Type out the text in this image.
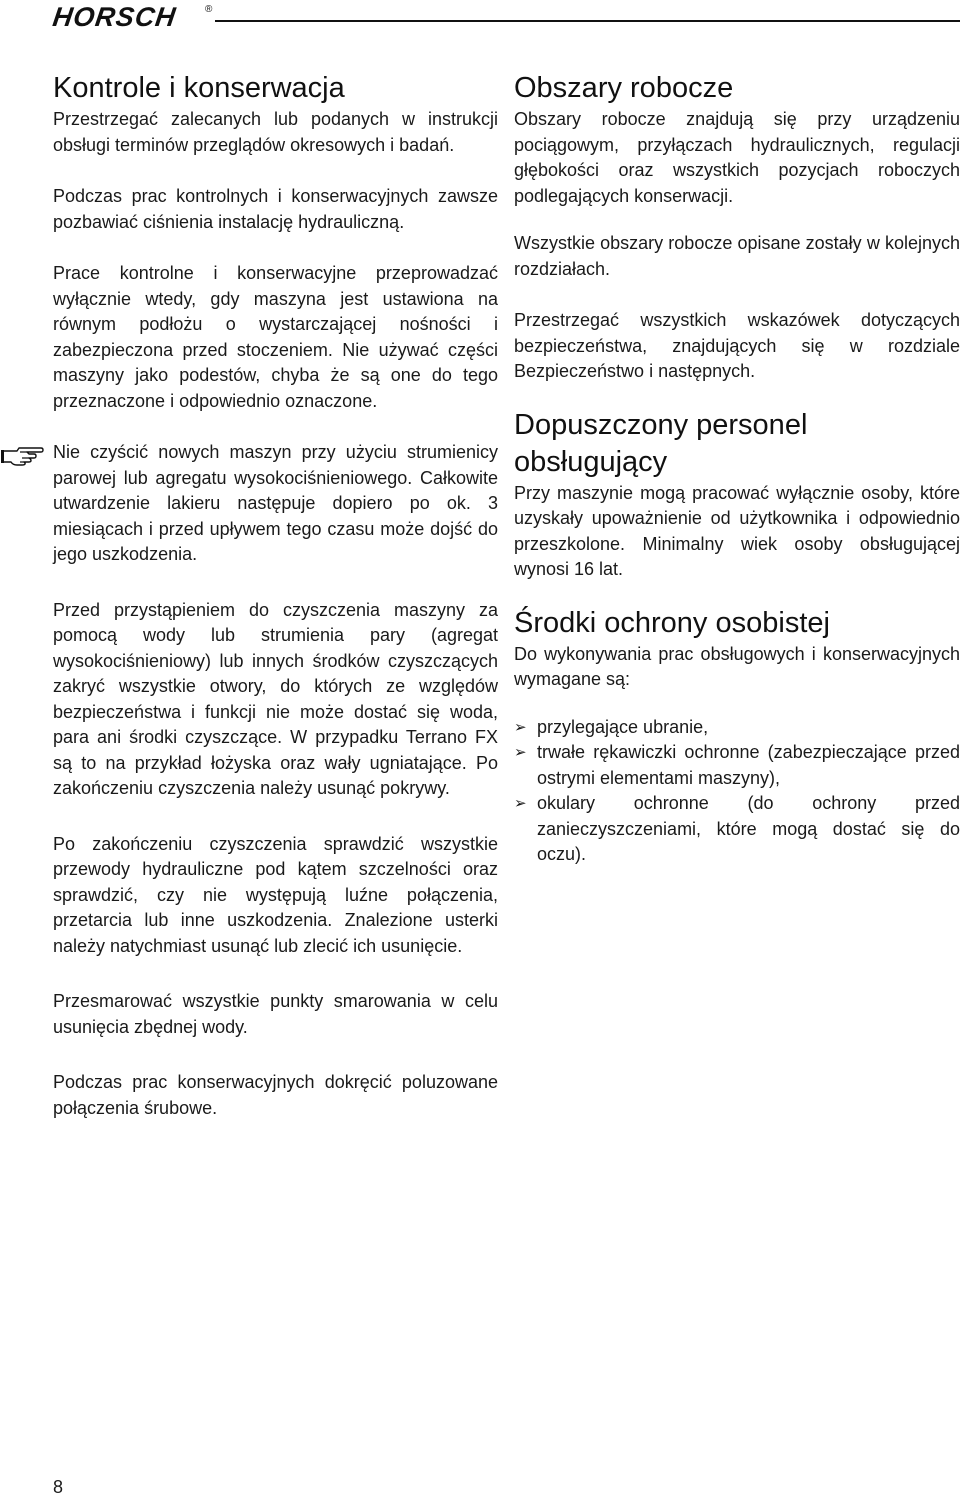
HORSCH	®
Kontrole i konserwacja

Przestrzegać zalecanych lub podanych w instrukcji obsługi terminów przeglądów okresowych i badań.

Podczas prac kontrolnych i konserwacyjnych zawsze pozbawiać ciśnienia instalację hydrauliczną.

Prace kontrolne i konserwacyjne przeprowadzać wyłącznie wtedy, gdy maszyna jest ustawiona na równym podłożu o wystarczającej nośności i zabezpieczona przed stoczeniem. Nie używać części maszyny jako podestów, chyba że są one do tego przeznaczone i odpowiednio oznaczone.

Nie czyścić nowych maszyn przy użyciu strumienicy parowej lub agregatu wysokociśnieniowego. Całkowite utwardzenie lakieru następuje dopiero po ok. 3 miesiącach i przed upływem tego czasu może dojść do jego uszkodzenia.

Przed przystąpieniem do czyszczenia maszyny za pomocą wody lub strumienia pary (agregat wysokociśnieniowy) lub innych środków czyszczących zakryć wszystkie otwory, do których ze względów bezpieczeństwa i funkcji nie może dostać się woda, para ani środki czyszczące. W przypadku Terrano FX są to na przykład łożyska oraz wały ugniatające. Po zakończeniu czyszczenia należy usunąć pokrywy.

Po zakończeniu czyszczenia sprawdzić wszystkie przewody hydrauliczne pod kątem szczelności oraz sprawdzić, czy nie występują luźne połączenia, przetarcia lub inne uszkodzenia. Znalezione usterki należy natychmiast usunąć lub zlecić ich usunięcie.

Przesmarować wszystkie punkty smarowania w celu usunięcia zbędnej wody.

Podczas prac konserwacyjnych dokręcić poluzowane połączenia śrubowe.

Obszary robocze

Obszary robocze znajdują się przy urządzeniu pociągowym, przyłączach hydraulicznych, regulacji głębokości oraz wszystkich pozycjach roboczych podlegających konserwacji.

Wszystkie obszary robocze opisane zostały w kolejnych rozdziałach.

Przestrzegać wszystkich wskazówek dotyczących bezpieczeństwa, znajdujących się w rozdziale Bezpieczeństwo i następnych.

Dopuszczony personel obsługujący

Przy maszynie mogą pracować wyłącznie osoby, które uzyskały upoważnienie od użytkownika i odpowiednio przeszkolone. Minimalny wiek osoby obsługującej wynosi 16 lat.

Środki ochrony osobistej

Do wykonywania prac obsługowych i konserwacyjnych wymagane są:

➢ przylegające ubranie,
➢ trwałe rękawiczki ochronne (zabezpieczające przed ostrymi elementami maszyny),
➢ okulary ochronne (do ochrony przed zanieczyszczeniami, które mogą dostać się do oczu).
8
